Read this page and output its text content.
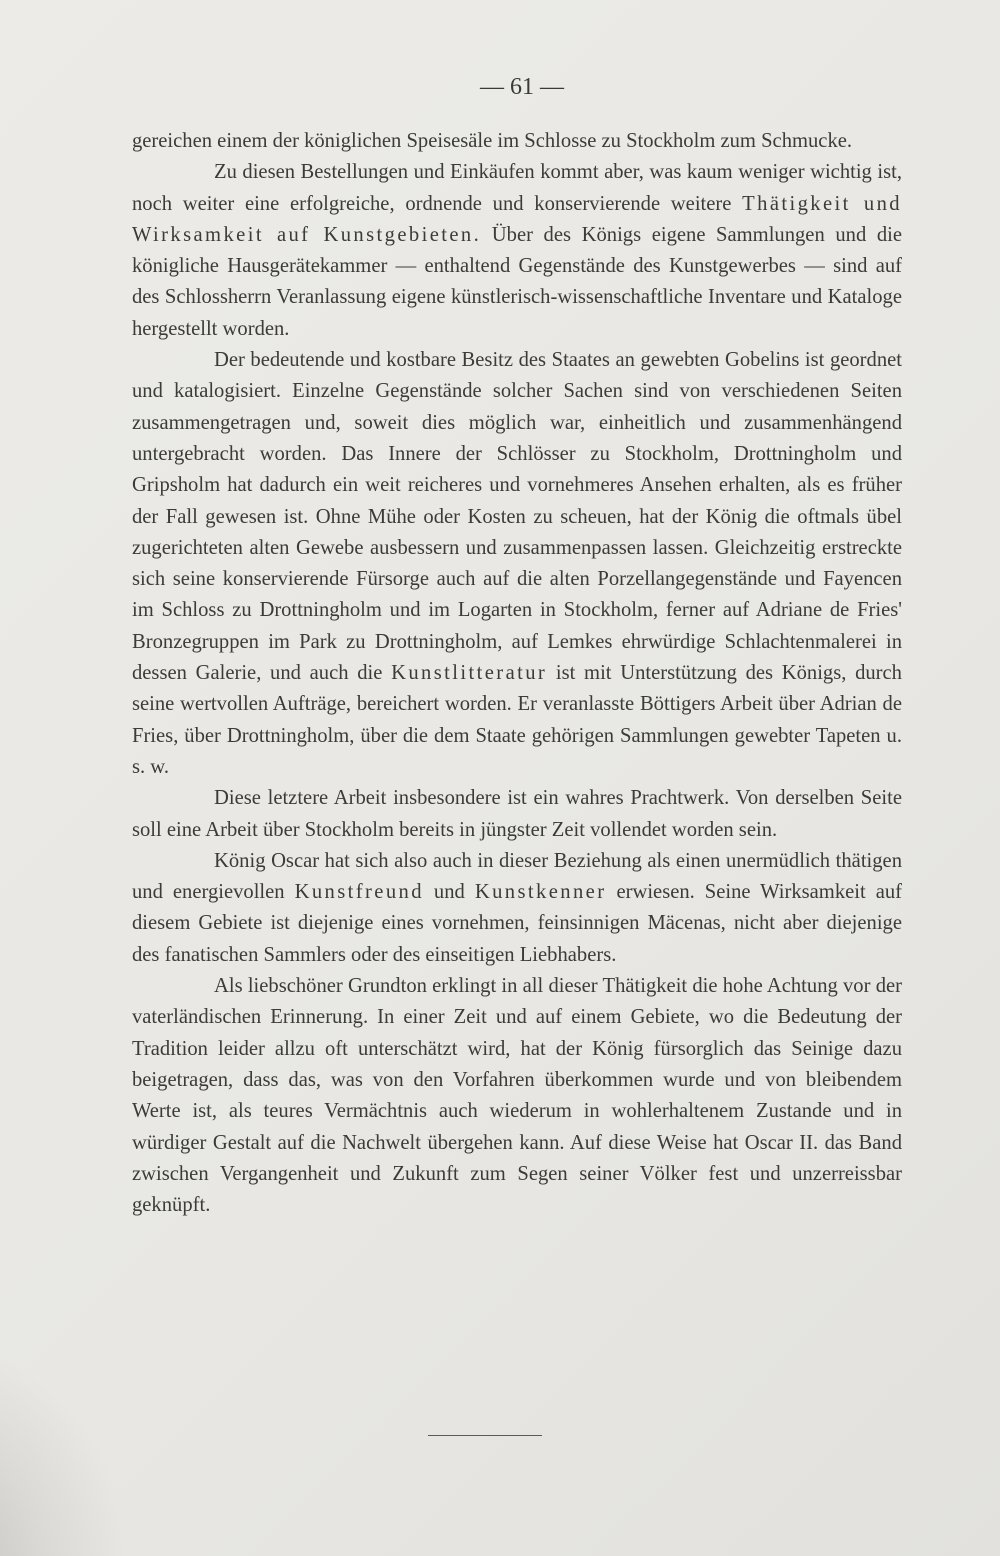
— 61 —

gereichen einem der königlichen Speisesäle im Schlosse zu Stockholm zum Schmucke.

Zu diesen Bestellungen und Einkäufen kommt aber, was kaum weniger wichtig ist, noch weiter eine erfolgreiche, ordnende und konservierende weitere Thätigkeit und Wirksamkeit auf Kunstgebieten. Über des Königs eigene Sammlungen und die königliche Hausgerätekammer — enthaltend Gegenstände des Kunstgewerbes — sind auf des Schlossherrn Veranlassung eigene künstlerisch-wissenschaftliche Inventare und Kataloge hergestellt worden.

Der bedeutende und kostbare Besitz des Staates an gewebten Gobelins ist geordnet und katalogisiert. Einzelne Gegenstände solcher Sachen sind von verschiedenen Seiten zusammengetragen und, soweit dies möglich war, einheitlich und zusammenhängend untergebracht worden. Das Innere der Schlösser zu Stockholm, Drottningholm und Gripsholm hat dadurch ein weit reicheres und vornehmeres Ansehen erhalten, als es früher der Fall gewesen ist. Ohne Mühe oder Kosten zu scheuen, hat der König die oftmals übel zugerichteten alten Gewebe ausbessern und zusammenpassen lassen. Gleichzeitig erstreckte sich seine konservierende Fürsorge auch auf die alten Porzellangegenstände und Fayencen im Schloss zu Drottningholm und im Logarten in Stockholm, ferner auf Adriane de Fries' Bronzegruppen im Park zu Drottningholm, auf Lemkes ehrwürdige Schlachtenmalerei in dessen Galerie, und auch die Kunstlitteratur ist mit Unterstützung des Königs, durch seine wertvollen Aufträge, bereichert worden. Er veranlasste Böttigers Arbeit über Adrian de Fries, über Drottningholm, über die dem Staate gehörigen Sammlungen gewebter Tapeten u. s. w.

Diese letztere Arbeit insbesondere ist ein wahres Prachtwerk. Von derselben Seite soll eine Arbeit über Stockholm bereits in jüngster Zeit vollendet worden sein.

König Oscar hat sich also auch in dieser Beziehung als einen unermüdlich thätigen und energievollen Kunstfreund und Kunstkenner erwiesen. Seine Wirksamkeit auf diesem Gebiete ist diejenige eines vornehmen, feinsinnigen Mäcenas, nicht aber diejenige des fanatischen Sammlers oder des einseitigen Liebhabers.

Als liebschöner Grundton erklingt in all dieser Thätigkeit die hohe Achtung vor der vaterländischen Erinnerung. In einer Zeit und auf einem Gebiete, wo die Bedeutung der Tradition leider allzu oft unterschätzt wird, hat der König fürsorglich das Seinige dazu beigetragen, dass das, was von den Vorfahren überkommen wurde und von bleibendem Werte ist, als teures Vermächtnis auch wiederum in wohlerhaltenem Zustande und in würdiger Gestalt auf die Nachwelt übergehen kann. Auf diese Weise hat Oscar II. das Band zwischen Vergangenheit und Zukunft zum Segen seiner Völker fest und unzerreissbar geknüpft.
